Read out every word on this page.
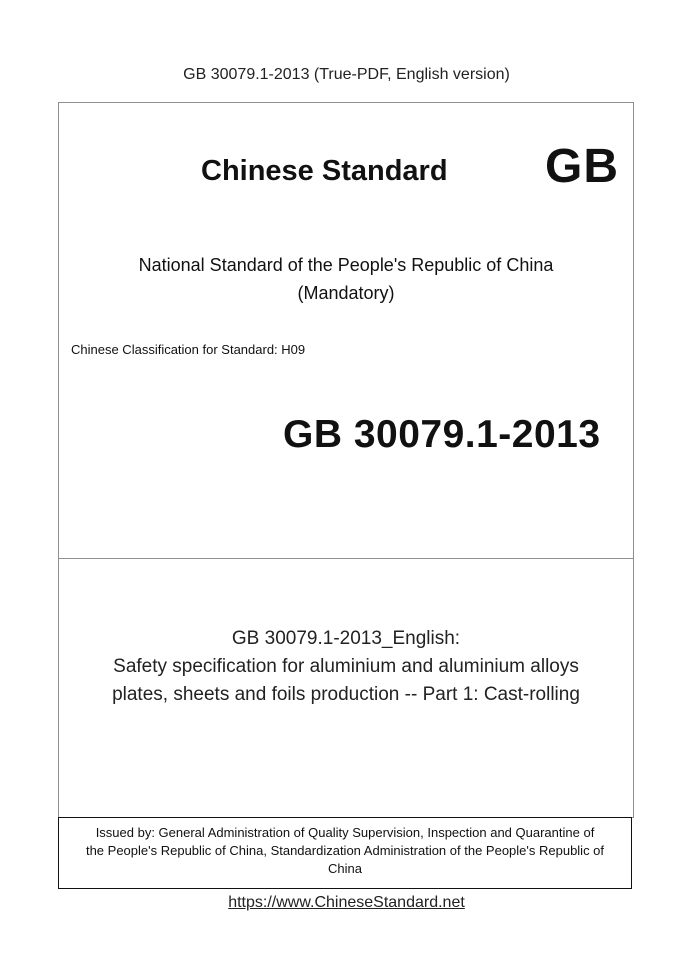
GB 30079.1-2013 (True-PDF, English version)
Chinese Standard GB
National Standard of the People's Republic of China
(Mandatory)
Chinese Classification for Standard: H09
GB 30079.1-2013
GB 30079.1-2013_English:
Safety specification for aluminium and aluminium alloys
plates, sheets and foils production -- Part 1: Cast-rolling
Issued by: General Administration of Quality Supervision, Inspection and Quarantine of
the People's Republic of China, Standardization Administration of the People's Republic of
China
https://www.ChineseStandard.net
